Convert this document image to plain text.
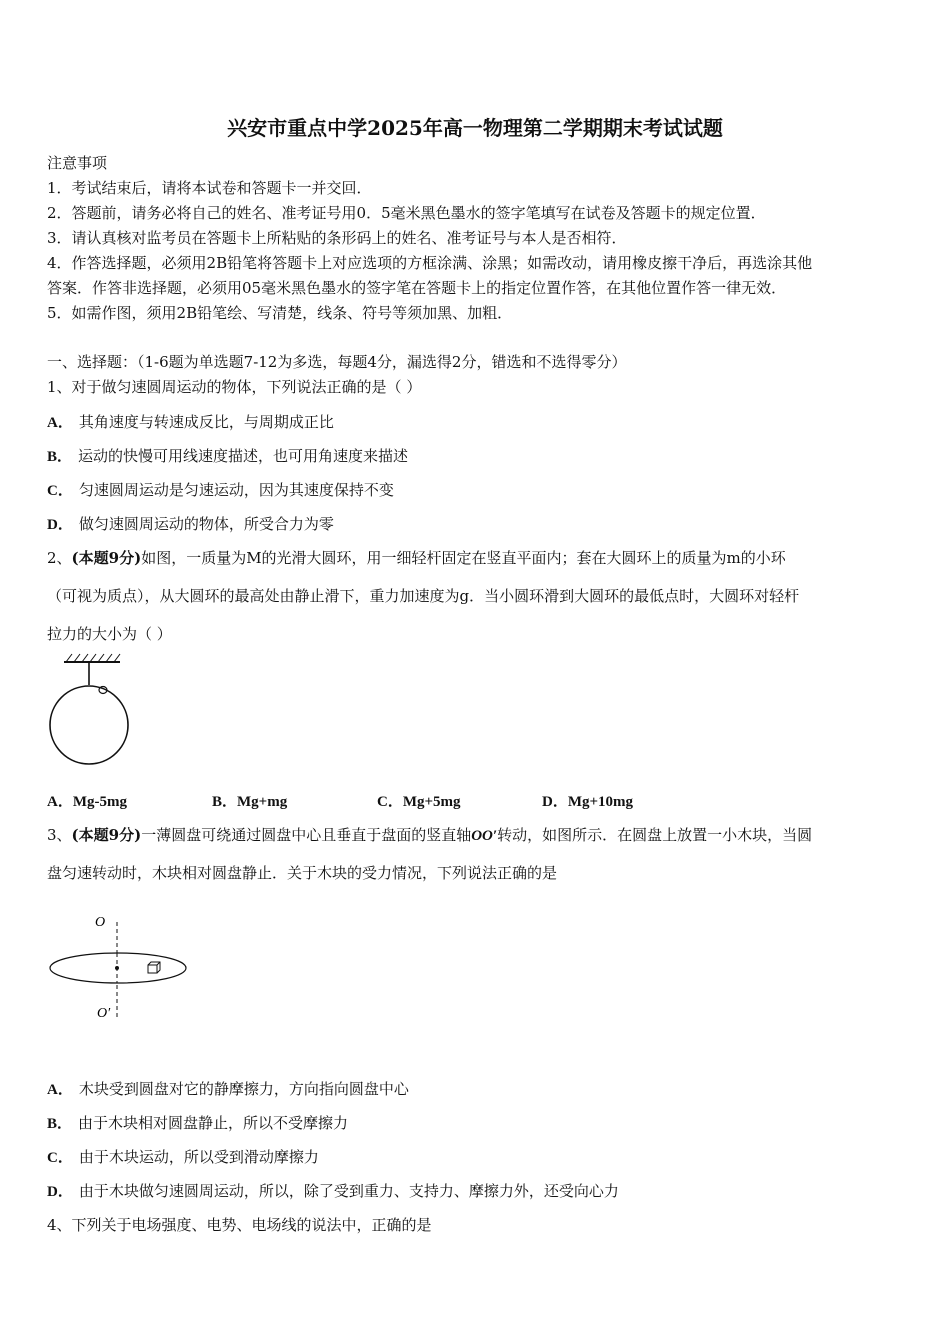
兴安市重点中学2025年高一物理第二学期期末考试试题
注意事项
1．考试结束后，请将本试卷和答题卡一并交回．
2．答题前，请务必将自己的姓名、准考证号用0．5毫米黑色墨水的签字笔填写在试卷及答题卡的规定位置．
3．请认真核对监考员在答题卡上所粘贴的条形码上的姓名、准考证号与本人是否相符．
4．作答选择题，必须用2B铅笔将答题卡上对应选项的方框涂满、涂黑；如需改动，请用橡皮擦干净后，再选涂其他
答案．作答非选择题，必须用05毫米黑色墨水的签字笔在答题卡上的指定位置作答，在其他位置作答一律无效．
5．如需作图，须用2B铅笔绘、写清楚，线条、符号等须加黑、加粗．
一、选择题：（1-6题为单选题7-12为多选，每题4分，漏选得2分，错选和不选得零分）
1、对于做匀速圆周运动的物体，下列说法正确的是（ ）
A． 其角速度与转速成反比，与周期成正比
B． 运动的快慢可用线速度描述，也可用角速度来描述
C． 匀速圆周运动是匀速运动，因为其速度保持不变
D． 做匀速圆周运动的物体，所受合力为零
2、(本题9分)如图，一质量为M的光滑大圆环，用一细轻杆固定在竖直平面内；套在大圆环上的质量为m的小环
（可视为质点），从大圆环的最高处由静止滑下，重力加速度为g．当小圆环滑到大圆环的最低点时，大圆环对轻杆
拉力的大小为（ ）
A．Mg-5mg	B．Mg+mg	C．Mg+5mg	D．Mg+10mg
3、(本题9分)一薄圆盘可绕通过圆盘中心且垂直于盘面的竖直轴OO′转动，如图所示．在圆盘上放置一小木块，当圆
盘匀速转动时，木块相对圆盘静止．关于木块的受力情况，下列说法正确的是
O
O′
A． 木块受到圆盘对它的静摩擦力，方向指向圆盘中心
B． 由于木块相对圆盘静止，所以不受摩擦力
C． 由于木块运动，所以受到滑动摩擦力
D． 由于木块做匀速圆周运动，所以，除了受到重力、支持力、摩擦力外，还受向心力
4、下列关于电场强度、电势、电场线的说法中，正确的是
